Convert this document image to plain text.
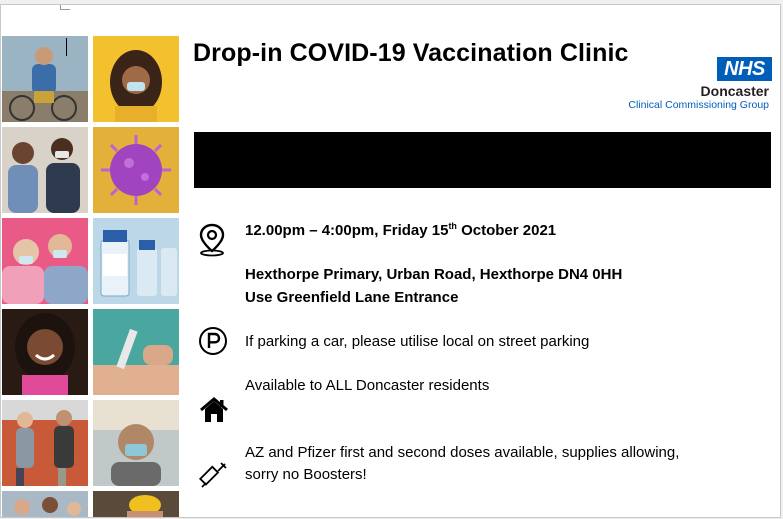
Drop-in COVID-19 Vaccination Clinic
NHS
Doncaster
Clinical Commissioning Group
12.00pm – 4:00pm, Friday 15th October 2021
Hexthorpe Primary, Urban Road, Hexthorpe DN4 0HH
Use Greenfield Lane Entrance
If parking a car, please utilise local on street parking
Available to ALL Doncaster residents
AZ and Pfizer first and second doses available, supplies allowing,
sorry no Boosters!
